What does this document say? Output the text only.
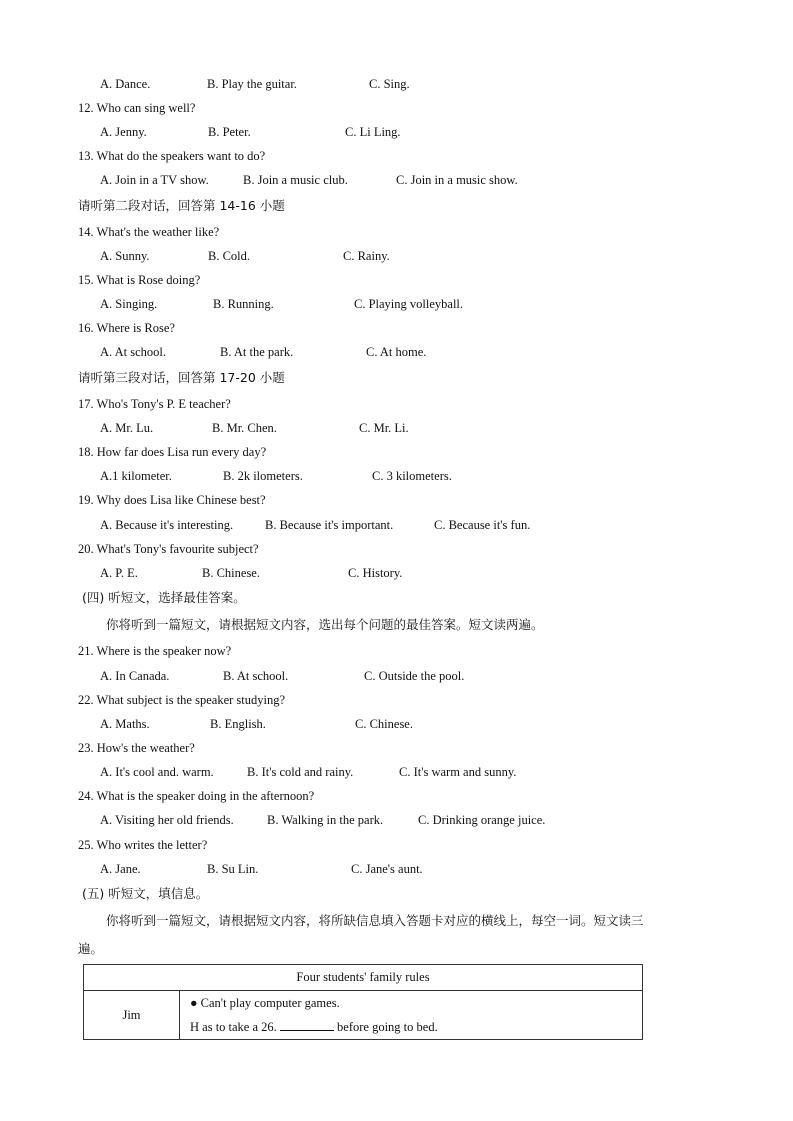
A. Dance.	B. Play the guitar.	C. Sing.
12. Who can sing well?
A. Jenny.	B. Peter.	C. Li Ling.
13. What do the speakers want to do?
A. Join in a TV show.	B. Join a music club.	C. Join in a music show.
请听第二段对话，回答第 14-16 小题
14. What's the weather like?
A. Sunny.	B. Cold.	C. Rainy.
15. What is Rose doing?
A. Singing.	B. Running.	C. Playing volleyball.
16. Where is Rose?
A. At school.	B. At the park.	C. At home.
请听第三段对话，回答第 17-20 小题
17. Who's Tony's P. E teacher?
A. Mr. Lu.	B. Mr. Chen.	C. Mr. Li.
18. How far does Lisa run every day?
A.1 kilometer.	B. 2k ilometers.	C. 3 kilometers.
19. Why does Lisa like Chinese best?
A. Because it's interesting.	B. Because it's important.	C. Because it's fun.
20. What's Tony's favourite subject?
A. P. E.	B. Chinese.	C. History.
(四) 听短文，选择最佳答案。
你将听到一篇短文，请根据短文内容，选出每个问题的最佳答案。短文读两遍。
21. Where is the speaker now?
A. In Canada.	B. At school.	C. Outside the pool.
22. What subject is the speaker studying?
A. Maths.	B. English.	C. Chinese.
23. How's the weather?
A. It's cool and. warm.	B. It's cold and rainy.	C. It's warm and sunny.
24. What is the speaker doing in the afternoon?
A. Visiting her old friends.	B. Walking in the park.	C. Drinking orange juice.
25. Who writes the letter?
A. Jane.	B. Su Lin.	C. Jane's aunt.
(五) 听短文，填信息。
你将听到一篇短文，请根据短文内容，将所缺信息填入答题卡对应的横线上，每空一词。短文读三
遍。
Four students' family rules
Jim	
● Can't play computer games.
H as to take a 26.	before going to bed.
